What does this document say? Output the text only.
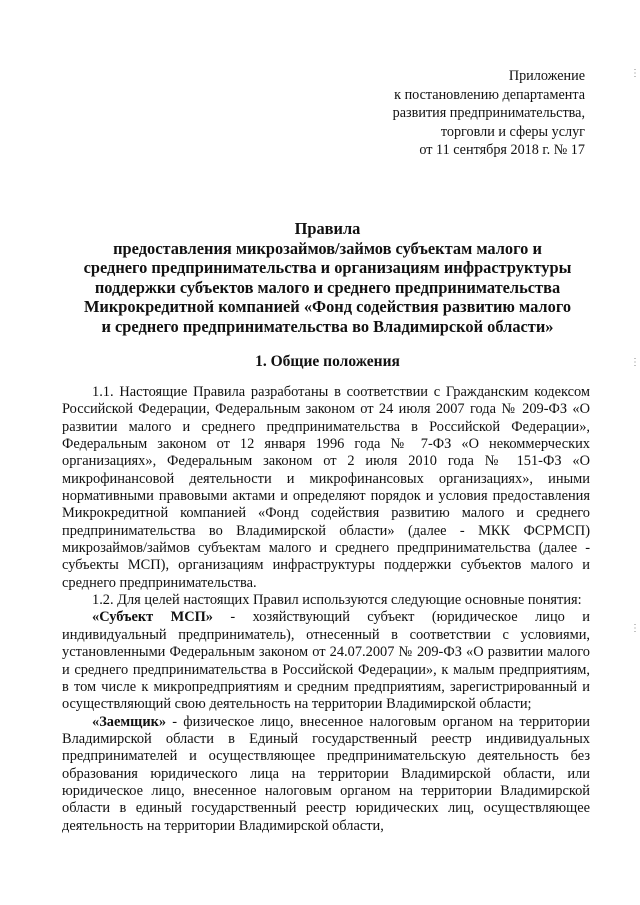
Приложение
к постановлению департамента
развития предпринимательства,
торговли и сферы услуг
от 11 сентября 2018 г. № 17
Правила
предоставления микрозаймов/займов субъектам малого и
среднего предпринимательства и организациям инфраструктуры
поддержки субъектов малого и среднего предпринимательства
Микрокредитной компанией «Фонд содействия развитию малого
и среднего предпринимательства во Владимирской области»
1. Общие положения

1.1. Настоящие Правила разработаны в соответствии с Гражданским кодексом Российской Федерации, Федеральным законом от 24 июля 2007 года № 209-ФЗ «О развитии малого и среднего предпринимательства в Российской Федерации», Федеральным законом от 12 января 1996 года № 7-ФЗ «О некоммерческих организациях», Федеральным законом от 2 июля 2010 года № 151-ФЗ «О микрофинансовой деятельности и микрофинансовых организациях», иными нормативными правовыми актами и определяют порядок и условия предоставления Микрокредитной компанией «Фонд содействия развитию малого и среднего предпринимательства во Владимирской области» (далее - МКК ФСРМСП) микрозаймов/займов субъектам малого и среднего предпринимательства (далее - субъекты МСП), организациям инфраструктуры поддержки субъектов малого и среднего предпринимательства.

1.2. Для целей настоящих Правил используются следующие основные понятия:

«Субъект МСП» - хозяйствующий субъект (юридическое лицо и индивидуальный предприниматель), отнесенный в соответствии с условиями, установленными Федеральным законом от 24.07.2007 № 209-ФЗ «О развитии малого и среднего предпринимательства в Российской Федерации», к малым предприятиям, в том числе к микропредприятиям и средним предприятиям, зарегистрированный и осуществляющий свою деятельность на территории Владимирской области;

«Заемщик» - физическое лицо, внесенное налоговым органом на территории Владимирской области в Единый государственный реестр индивидуальных предпринимателей и осуществляющее предпринимательскую деятельность без образования юридического лица на территории Владимирской области, или юридическое лицо, внесенное налоговым органом на территории Владимирской области в единый государственный реестр юридических лиц, осуществляющее деятельность на территории Владимирской области,

⋮
⋮
⋮
